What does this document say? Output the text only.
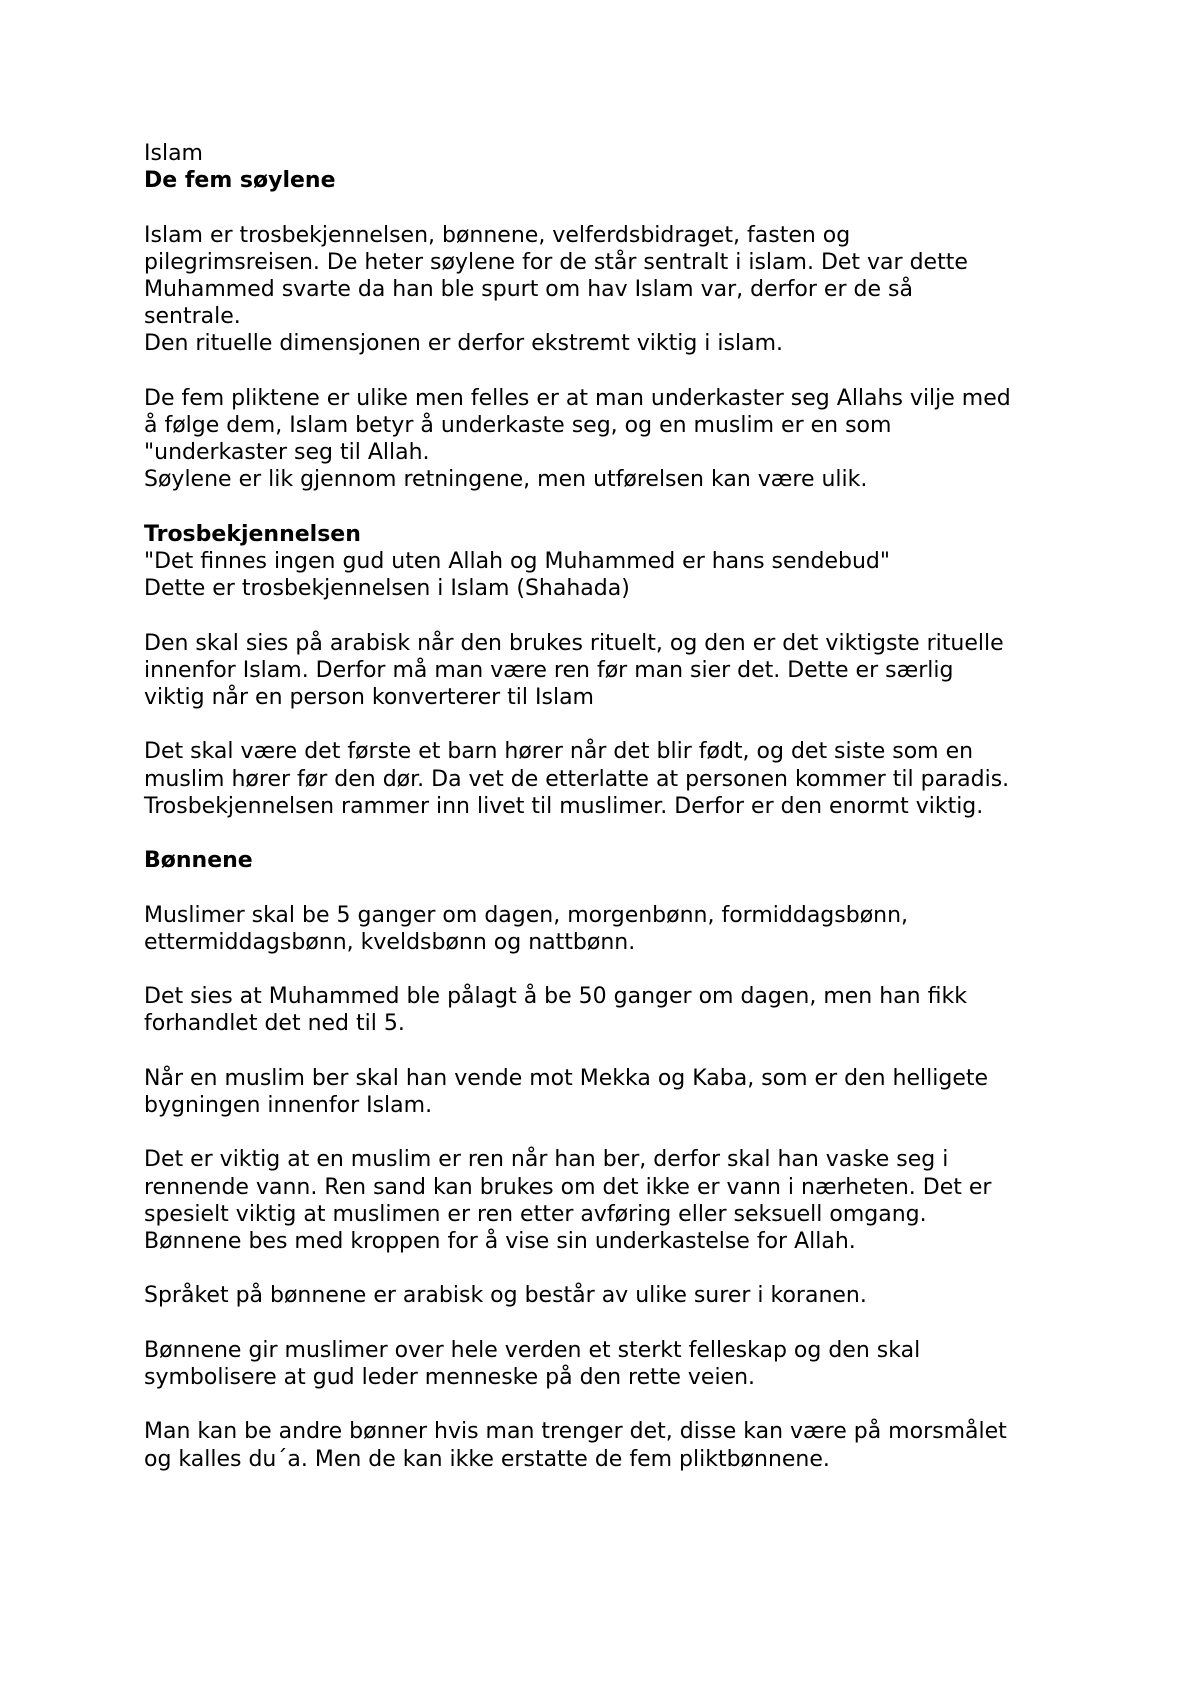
Islam
De fem søylene
Islam er trosbekjennelsen, bønnene, velferdsbidraget, fasten og
pilegrimsreisen. De heter søylene for de står sentralt i islam. Det var dette
Muhammed svarte da han ble spurt om hav Islam var, derfor er de så
sentrale.
Den rituelle dimensjonen er derfor ekstremt viktig i islam.
De fem pliktene er ulike men felles er at man underkaster seg Allahs vilje med
å følge dem, Islam betyr å underkaste seg, og en muslim er en som
"underkaster seg til Allah.
Søylene er lik gjennom retningene, men utførelsen kan være ulik.
Trosbekjennelsen
"Det finnes ingen gud uten Allah og Muhammed er hans sendebud"
Dette er trosbekjennelsen i Islam (Shahada)
Den skal sies på arabisk når den brukes rituelt, og den er det viktigste rituelle
innenfor Islam. Derfor må man være ren før man sier det. Dette er særlig
viktig når en person konverterer til Islam
Det skal være det første et barn hører når det blir født, og det siste som en
muslim hører før den dør. Da vet de etterlatte at personen kommer til paradis.
Trosbekjennelsen rammer inn livet til muslimer. Derfor er den enormt viktig.
Bønnene
Muslimer skal be 5 ganger om dagen, morgenbønn, formiddagsbønn,
ettermiddagsbønn, kveldsbønn og nattbønn.
Det sies at Muhammed ble pålagt å be 50 ganger om dagen, men han fikk
forhandlet det ned til 5.
Når en muslim ber skal han vende mot Mekka og Kaba, som er den helligete
bygningen innenfor Islam.
Det er viktig at en muslim er ren når han ber, derfor skal han vaske seg i
rennende vann. Ren sand kan brukes om det ikke er vann i nærheten. Det er
spesielt viktig at muslimen er ren etter avføring eller seksuell omgang.
Bønnene bes med kroppen for å vise sin underkastelse for Allah.
Språket på bønnene er arabisk og består av ulike surer i koranen.
Bønnene gir muslimer over hele verden et sterkt felleskap og den skal
symbolisere at gud leder menneske på den rette veien.
Man kan be andre bønner hvis man trenger det, disse kan være på morsmålet
og kalles du´a. Men de kan ikke erstatte de fem pliktbønnene.
